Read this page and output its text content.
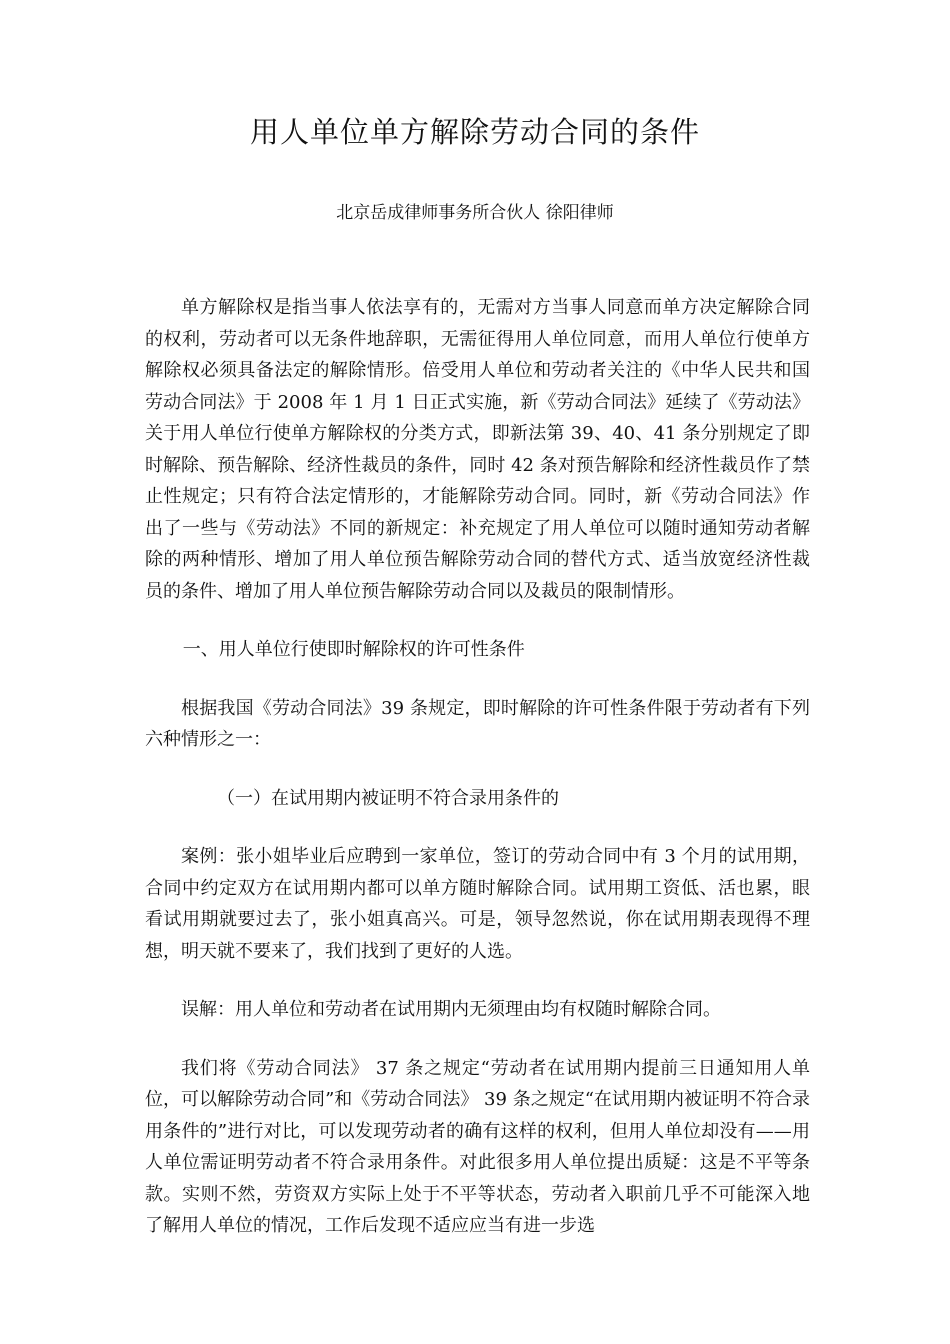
用人单位单方解除劳动合同的条件

北京岳成律师事务所合伙人 徐阳律师

单方解除权是指当事人依法享有的，无需对方当事人同意而单方决定解除合同的权利，劳动者可以无条件地辞职，无需征得用人单位同意，而用人单位行使单方解除权必须具备法定的解除情形。倍受用人单位和劳动者关注的《中华人民共和国劳动合同法》于 2008 年 1 月 1 日正式实施，新《劳动合同法》延续了《劳动法》关于用人单位行使单方解除权的分类方式，即新法第 39、40、41 条分别规定了即时解除、预告解除、经济性裁员的条件，同时 42 条对预告解除和经济性裁员作了禁止性规定；只有符合法定情形的，才能解除劳动合同。同时，新《劳动合同法》作出了一些与《劳动法》不同的新规定：补充规定了用人单位可以随时通知劳动者解除的两种情形、增加了用人单位预告解除劳动合同的替代方式、适当放宽经济性裁员的条件、增加了用人单位预告解除劳动合同以及裁员的限制情形。

一、用人单位行使即时解除权的许可性条件

根据我国《劳动合同法》39 条规定，即时解除的许可性条件限于劳动者有下列六种情形之一：

（一）在试用期内被证明不符合录用条件的

案例：张小姐毕业后应聘到一家单位，签订的劳动合同中有 3 个月的试用期，合同中约定双方在试用期内都可以单方随时解除合同。试用期工资低、活也累，眼看试用期就要过去了，张小姐真高兴。可是，领导忽然说，你在试用期表现得不理想，明天就不要来了，我们找到了更好的人选。

误解：用人单位和劳动者在试用期内无须理由均有权随时解除合同。

我们将《劳动合同法》 37 条之规定“劳动者在试用期内提前三日通知用人单位，可以解除劳动合同”和《劳动合同法》 39 条之规定“在试用期内被证明不符合录用条件的”进行对比，可以发现劳动者的确有这样的权利，但用人单位却没有——用人单位需证明劳动者不符合录用条件。对此很多用人单位提出质疑：这是不平等条款。实则不然，劳资双方实际上处于不平等状态，劳动者入职前几乎不可能深入地了解用人单位的情况，工作后发现不适应应当有进一步选
